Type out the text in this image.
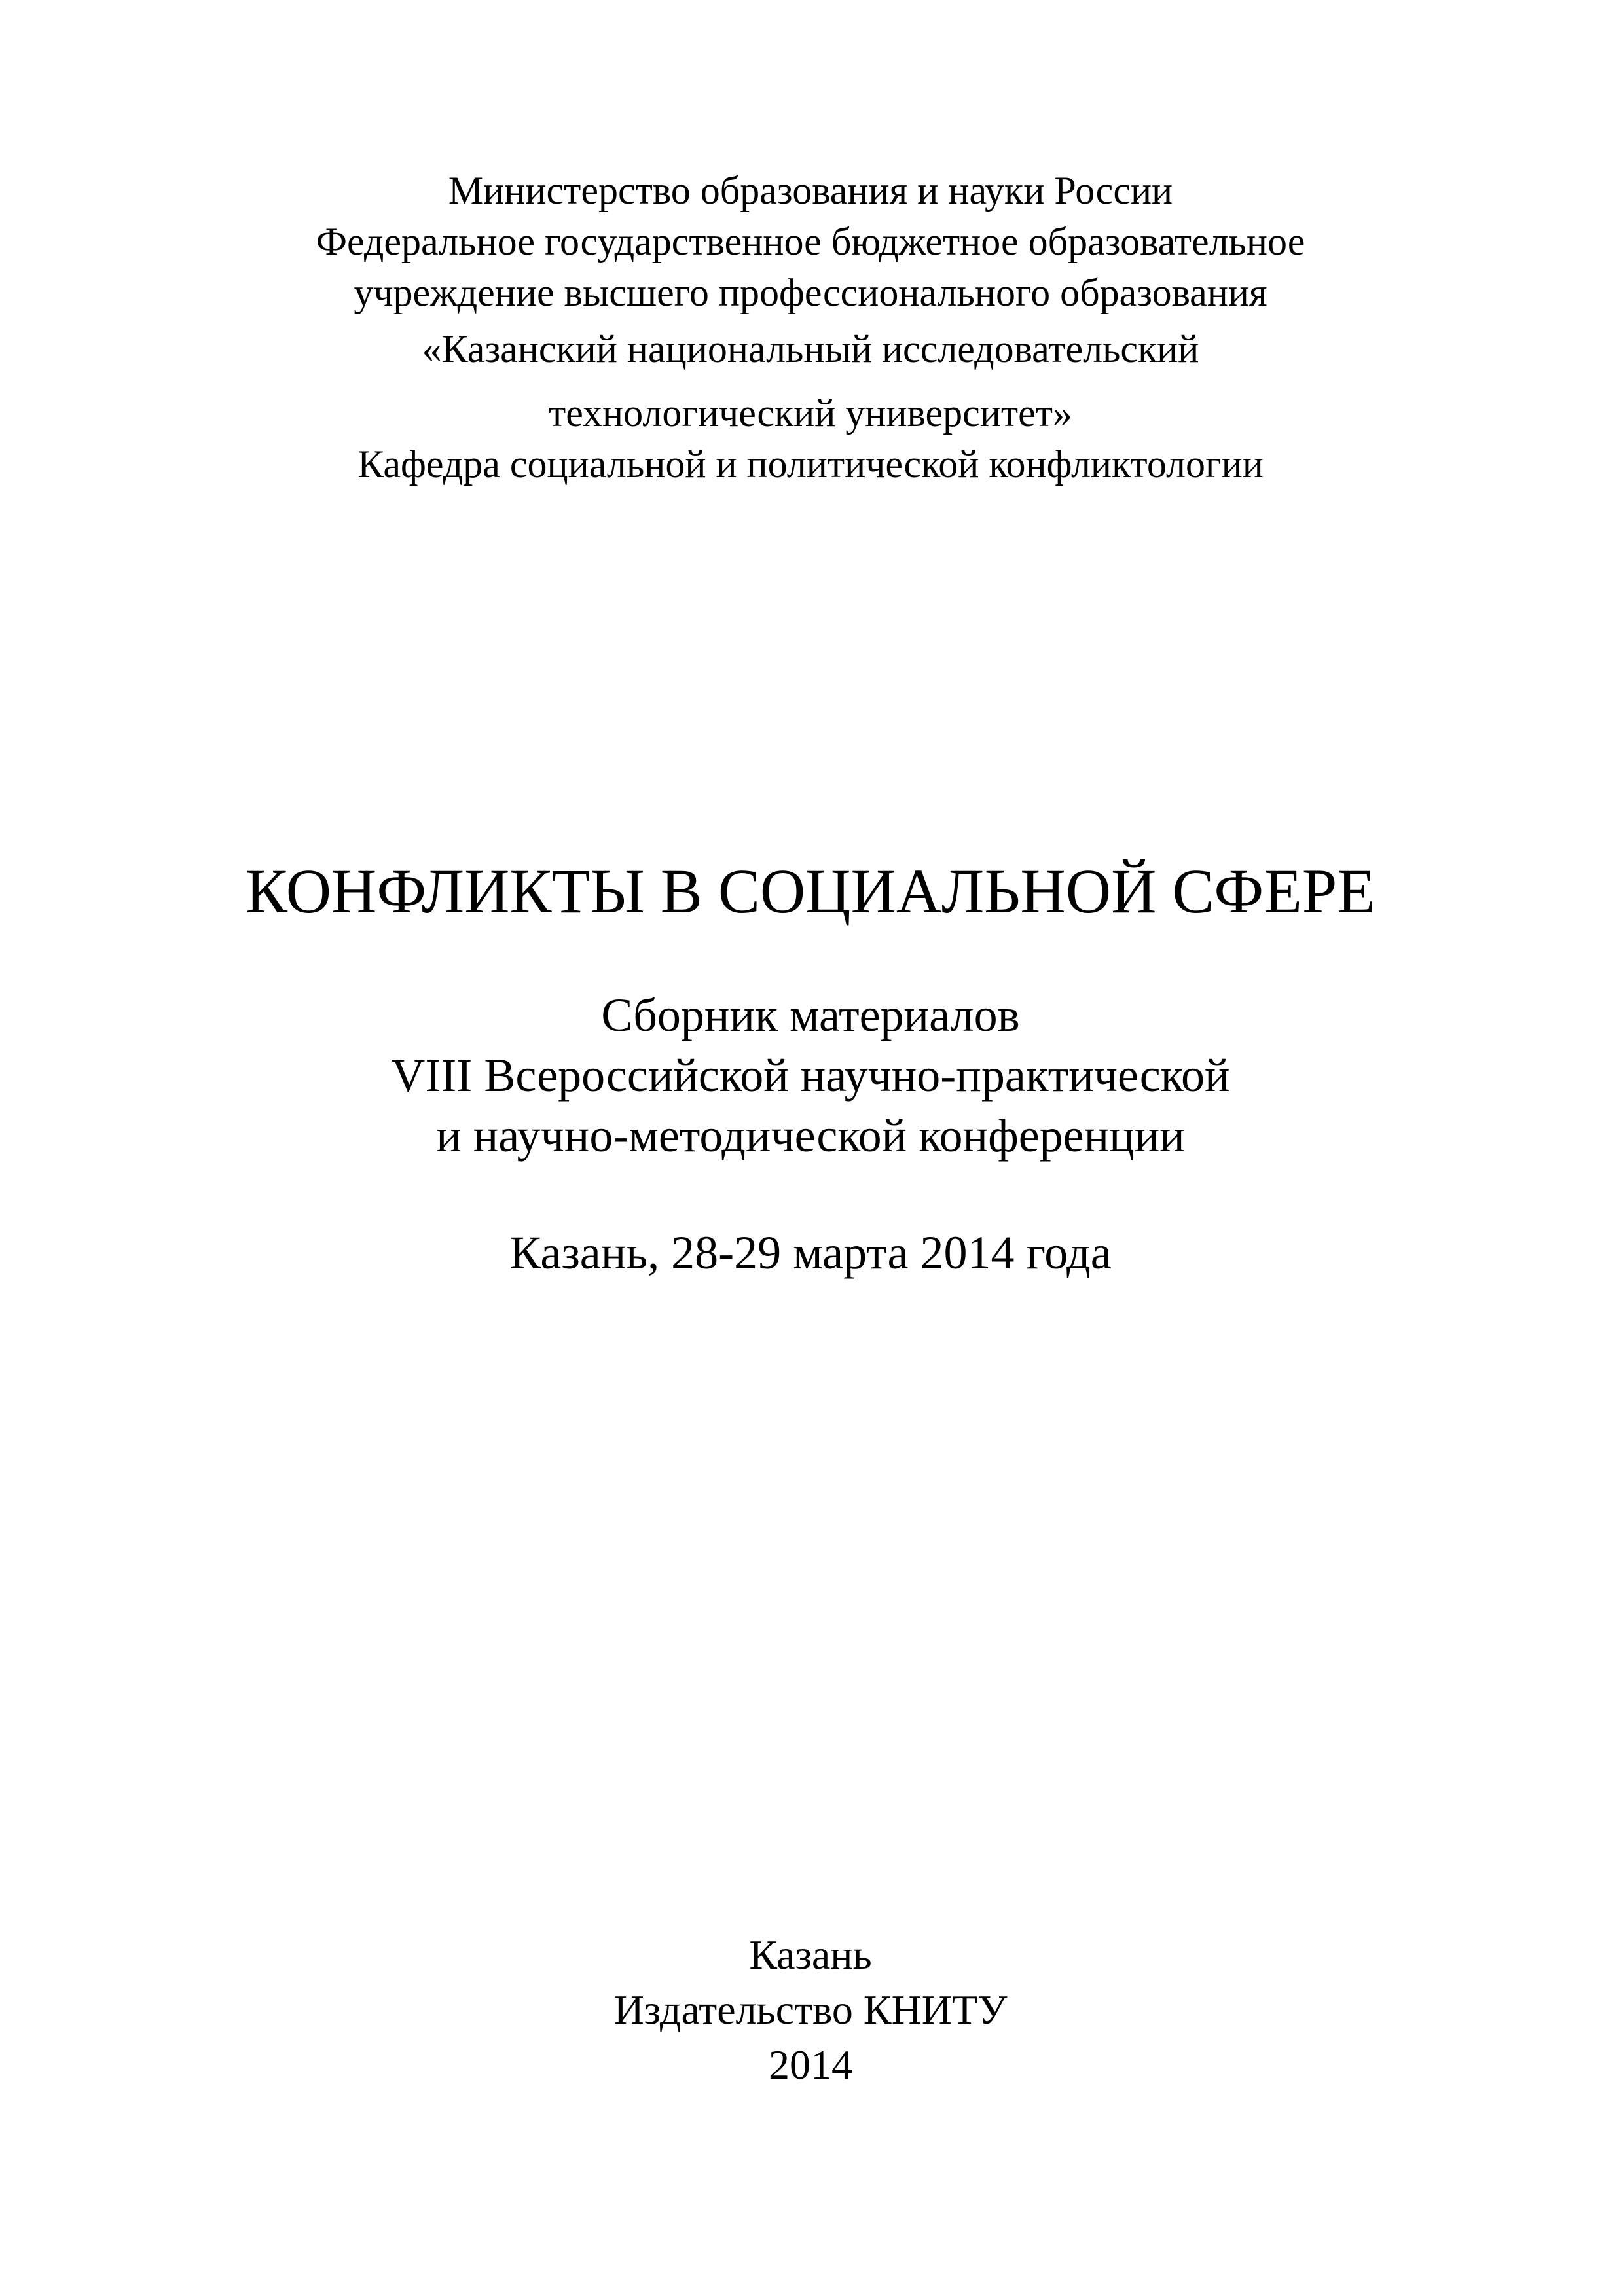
Министерство образования и науки России
Федеральное государственное бюджетное образовательное
учреждение высшего профессионального образования
«Казанский национальный исследовательский
технологический университет»
Кафедра социальной и политической конфликтологии
КОНФЛИКТЫ В СОЦИАЛЬНОЙ СФЕРЕ
Сборник материалов
VIII Всероссийской научно-практической
и научно-методической конференции
Казань, 28-29 марта 2014 года
Казань
Издательство КНИТУ
2014
